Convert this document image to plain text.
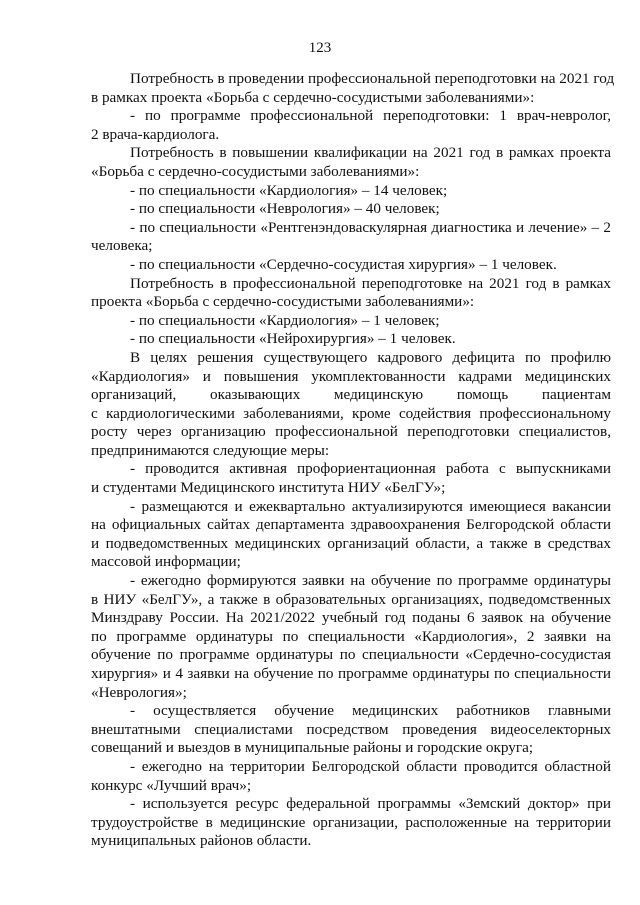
123
Потребность в проведении профессиональной переподготовки на 2021 год
в рамках проекта «Борьба с сердечно-сосудистыми заболеваниями»:
- по программе профессиональной переподготовки: 1 врач-невролог,
2 врача-кардиолога.
Потребность в повышении квалификации на 2021 год в рамках проекта
«Борьба с сердечно-сосудистыми заболеваниями»:
- по специальности «Кардиология» – 14 человек;
- по специальности «Неврология» – 40 человек;
- по специальности «Рентгенэндоваскулярная диагностика и лечение» – 2
человека;
- по специальности «Сердечно-сосудистая хирургия» – 1 человек.
Потребность в профессиональной переподготовке на 2021 год в рамках
проекта «Борьба с сердечно-сосудистыми заболеваниями»:
- по специальности «Кардиология» – 1 человек;
- по специальности «Нейрохирургия» – 1 человек.
В целях решения существующего кадрового дефицита по профилю
«Кардиология» и повышения укомплектованности кадрами медицинских
организаций, оказывающих медицинскую помощь пациентам
с кардиологическими заболеваниями, кроме содействия профессиональному
росту через организацию профессиональной переподготовки специалистов,
предпринимаются следующие меры:
- проводится активная профориентационная работа с выпускниками
и студентами Медицинского института НИУ «БелГУ»;
- размещаются и ежеквартально актуализируются имеющиеся вакансии
на официальных сайтах департамента здравоохранения Белгородской области
и подведомственных медицинских организаций области, а также в средствах
массовой информации;
- ежегодно формируются заявки на обучение по программе ординатуры
в НИУ «БелГУ», а также в образовательных организациях, подведомственных
Минздраву России. На 2021/2022 учебный год поданы 6 заявок на обучение
по программе ординатуры по специальности «Кардиология», 2 заявки на
обучение по программе ординатуры по специальности «Сердечно-сосудистая
хирургия» и 4 заявки на обучение по программе ординатуры по специальности
«Неврология»;
- осуществляется обучение медицинских работников главными
внештатными специалистами посредством проведения видеоселекторных
совещаний и выездов в муниципальные районы и городские округа;
- ежегодно на территории Белгородской области проводится областной
конкурс «Лучший врач»;
- используется ресурс федеральной программы «Земский доктор» при
трудоустройстве в медицинские организации, расположенные на территории
муниципальных районов области.
